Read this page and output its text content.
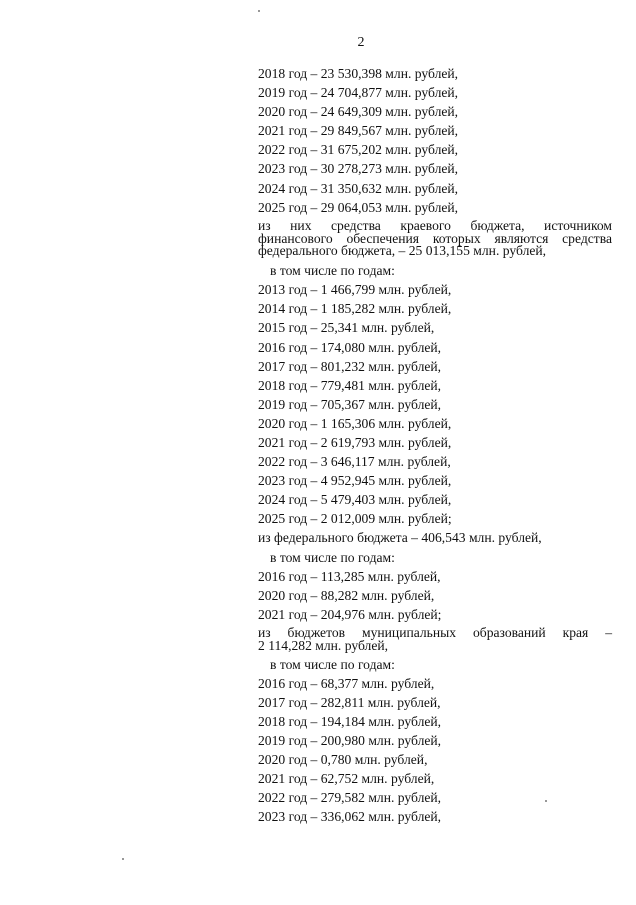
2
2018 год – 23 530,398 млн. рублей,
2019 год – 24 704,877 млн. рублей,
2020 год – 24 649,309 млн. рублей,
2021 год – 29 849,567 млн. рублей,
2022 год – 31 675,202 млн. рублей,
2023 год – 30 278,273 млн. рублей,
2024 год – 31 350,632 млн. рублей,
2025 год – 29 064,053 млн. рублей,
из них средства краевого бюджета, источником
финансового обеспечения которых являются средства
федерального бюджета, – 25 013,155 млн. рублей,
в том числе по годам:
2013 год – 1 466,799 млн. рублей,
2014 год – 1 185,282 млн. рублей,
2015 год – 25,341 млн. рублей,
2016 год – 174,080 млн. рублей,
2017 год – 801,232 млн. рублей,
2018 год – 779,481 млн. рублей,
2019 год – 705,367 млн. рублей,
2020 год – 1 165,306 млн. рублей,
2021 год – 2 619,793 млн. рублей,
2022 год – 3 646,117 млн. рублей,
2023 год – 4 952,945 млн. рублей,
2024 год – 5 479,403 млн. рублей,
2025 год – 2 012,009 млн. рублей;
из федерального бюджета – 406,543 млн. рублей,
в том числе по годам:
2016 год – 113,285 млн. рублей,
2020 год – 88,282 млн. рублей,
2021 год – 204,976 млн. рублей;
из бюджетов муниципальных образований края –
2 114,282 млн. рублей,
в том числе по годам:
2016 год – 68,377 млн. рублей,
2017 год – 282,811 млн. рублей,
2018 год – 194,184 млн. рублей,
2019 год – 200,980 млн. рублей,
2020 год – 0,780 млн. рублей,
2021 год – 62,752 млн. рублей,
2022 год – 279,582 млн. рублей,
2023 год – 336,062 млн. рублей,
